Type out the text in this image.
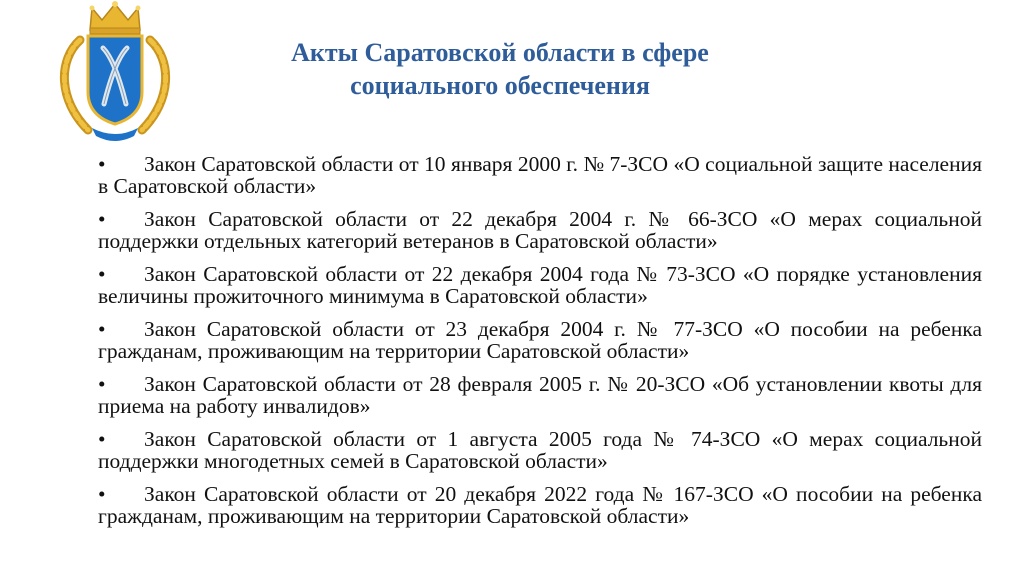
Акты Саратовской области в сфере
социального обеспечения
• Закон Саратовской области от 10 января 2000 г. № 7-ЗСО «О социальной защите населения в Саратовской области»
• Закон Саратовской области от 22 декабря 2004 г. № 66-ЗСО «О мерах социальной поддержки отдельных категорий ветеранов в Саратовской области»
• Закон Саратовской области от 22 декабря 2004 года № 73-ЗСО «О порядке установления величины прожиточного минимума в Саратовской области»
• Закон Саратовской области от 23 декабря 2004 г. № 77-ЗСО «О пособии на ребенка гражданам, проживающим на территории Саратовской области»
• Закон Саратовской области от 28 февраля 2005 г. № 20-ЗСО «Об установлении квоты для приема на работу инвалидов»
• Закон Саратовской области от 1 августа 2005 года № 74-ЗСО «О мерах социальной поддержки многодетных семей в Саратовской области»
• Закон Саратовской области от 20 декабря 2022 года № 167-ЗСО «О пособии на ребенка гражданам, проживающим на территории Саратовской области»
